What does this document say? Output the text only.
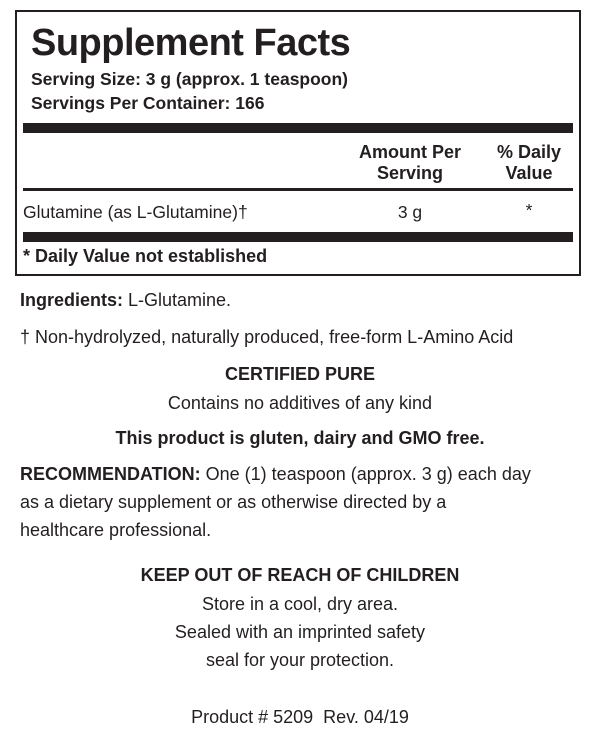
Supplement Facts
Serving Size: 3 g (approx. 1 teaspoon)
Servings Per Container: 166
Amount Per
Serving
% Daily
Value
Glutamine (as L-Glutamine)†	3 g	*
* Daily Value not established
Ingredients: L-Glutamine.
† Non-hydrolyzed, naturally produced, free-form L-Amino Acid
CERTIFIED PURE
Contains no additives of any kind
This product is gluten, dairy and GMO free.
RECOMMENDATION: One (1) teaspoon (approx. 3 g) each day
as a dietary supplement or as otherwise directed by a
healthcare professional.
KEEP OUT OF REACH OF CHILDREN
Store in a cool, dry area.
Sealed with an imprinted safety
seal for your protection.
Product # 5209  Rev. 04/19
